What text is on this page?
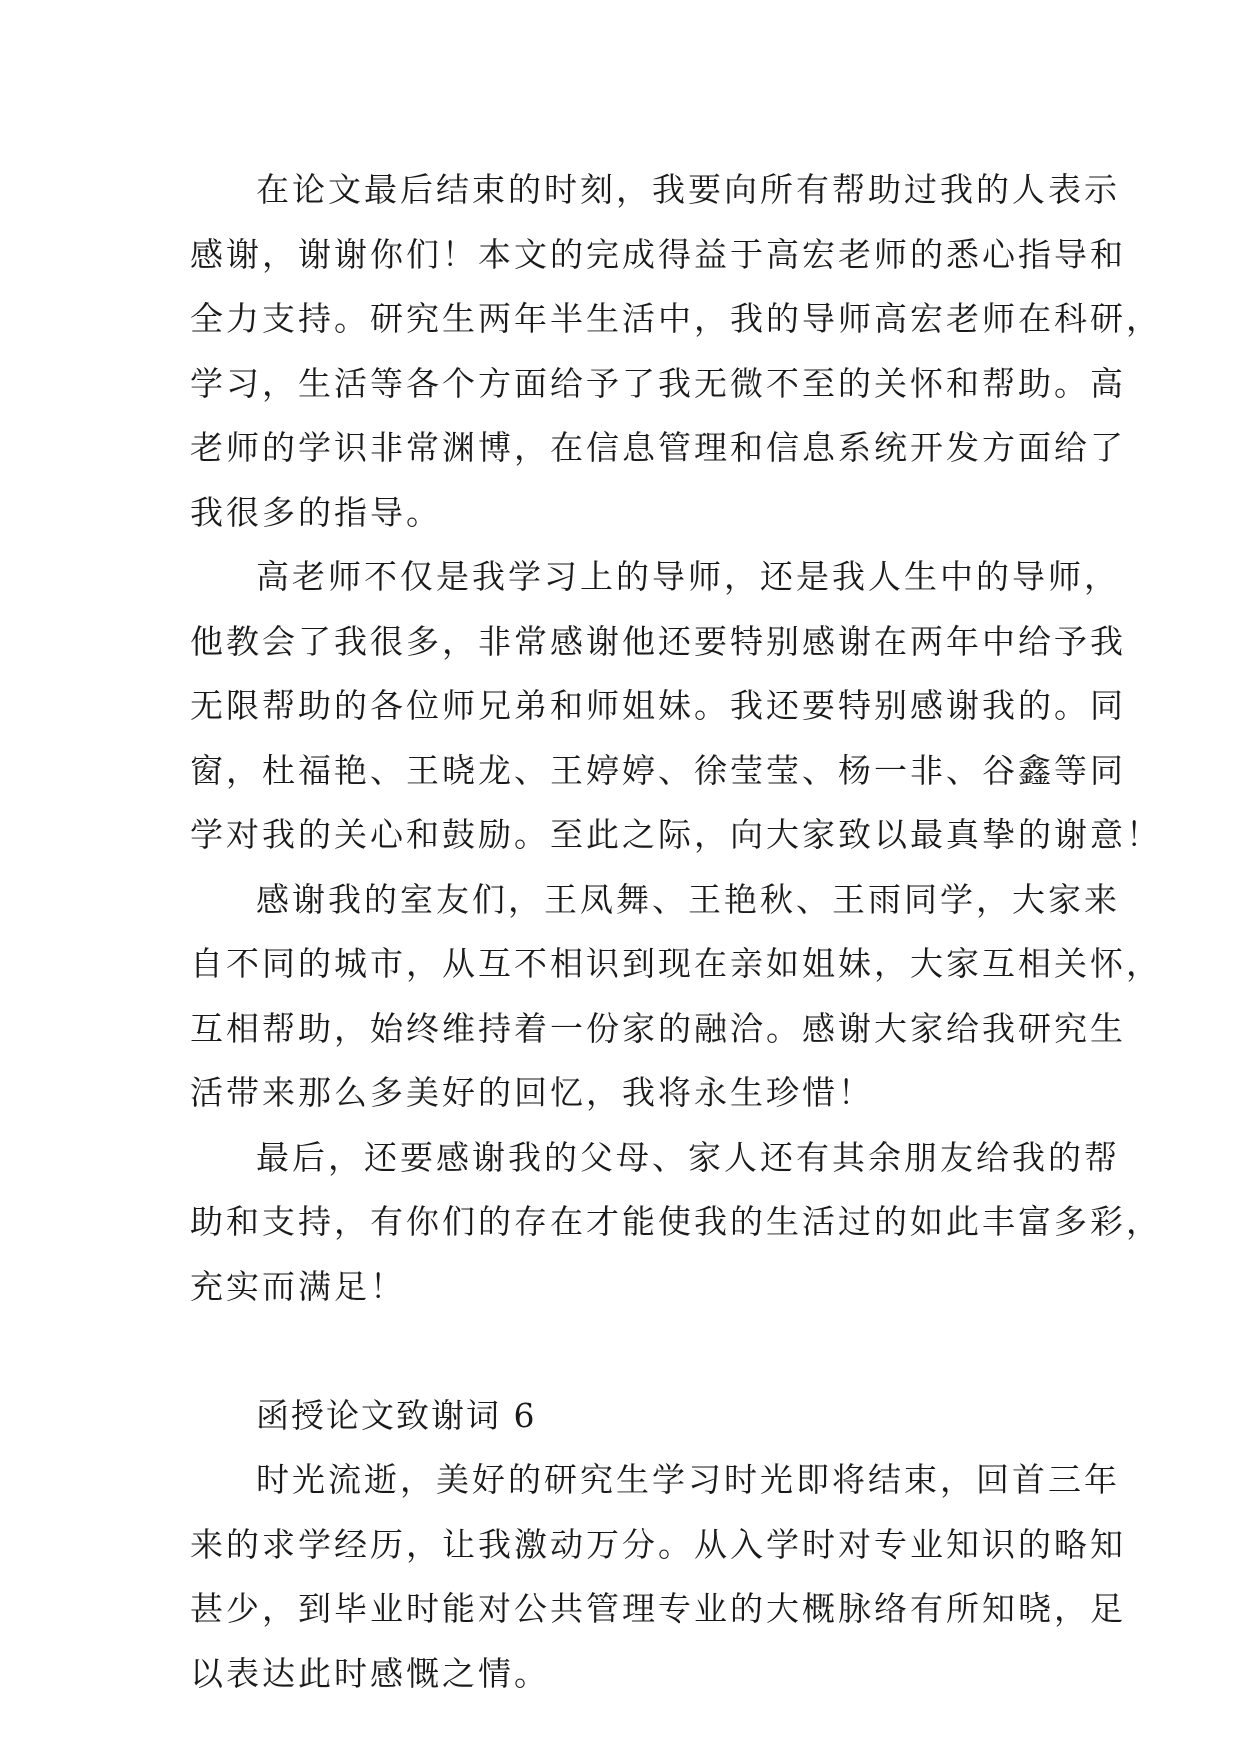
在论文最后结束的时刻，我要向所有帮助过我的人表示
感谢，谢谢你们！本文的完成得益于高宏老师的悉心指导和
全力支持。研究生两年半生活中，我的导师高宏老师在科研，
学习，生活等各个方面给予了我无微不至的关怀和帮助。高
老师的学识非常渊博，在信息管理和信息系统开发方面给了
我很多的指导。
高老师不仅是我学习上的导师，还是我人生中的导师，
他教会了我很多，非常感谢他还要特别感谢在两年中给予我
无限帮助的各位师兄弟和师姐妹。我还要特别感谢我的。同
窗，杜福艳、王晓龙、王婷婷、徐莹莹、杨一非、谷鑫等同
学对我的关心和鼓励。至此之际，向大家致以最真挚的谢意！
感谢我的室友们，王凤舞、王艳秋、王雨同学，大家来
自不同的城市，从互不相识到现在亲如姐妹，大家互相关怀，
互相帮助，始终维持着一份家的融洽。感谢大家给我研究生
活带来那么多美好的回忆，我将永生珍惜！
最后，还要感谢我的父母、家人还有其余朋友给我的帮
助和支持，有你们的存在才能使我的生活过的如此丰富多彩，
充实而满足！
函授论文致谢词 6
时光流逝，美好的研究生学习时光即将结束，回首三年
来的求学经历，让我激动万分。从入学时对专业知识的略知
甚少，到毕业时能对公共管理专业的大概脉络有所知晓，足
以表达此时感慨之情。
